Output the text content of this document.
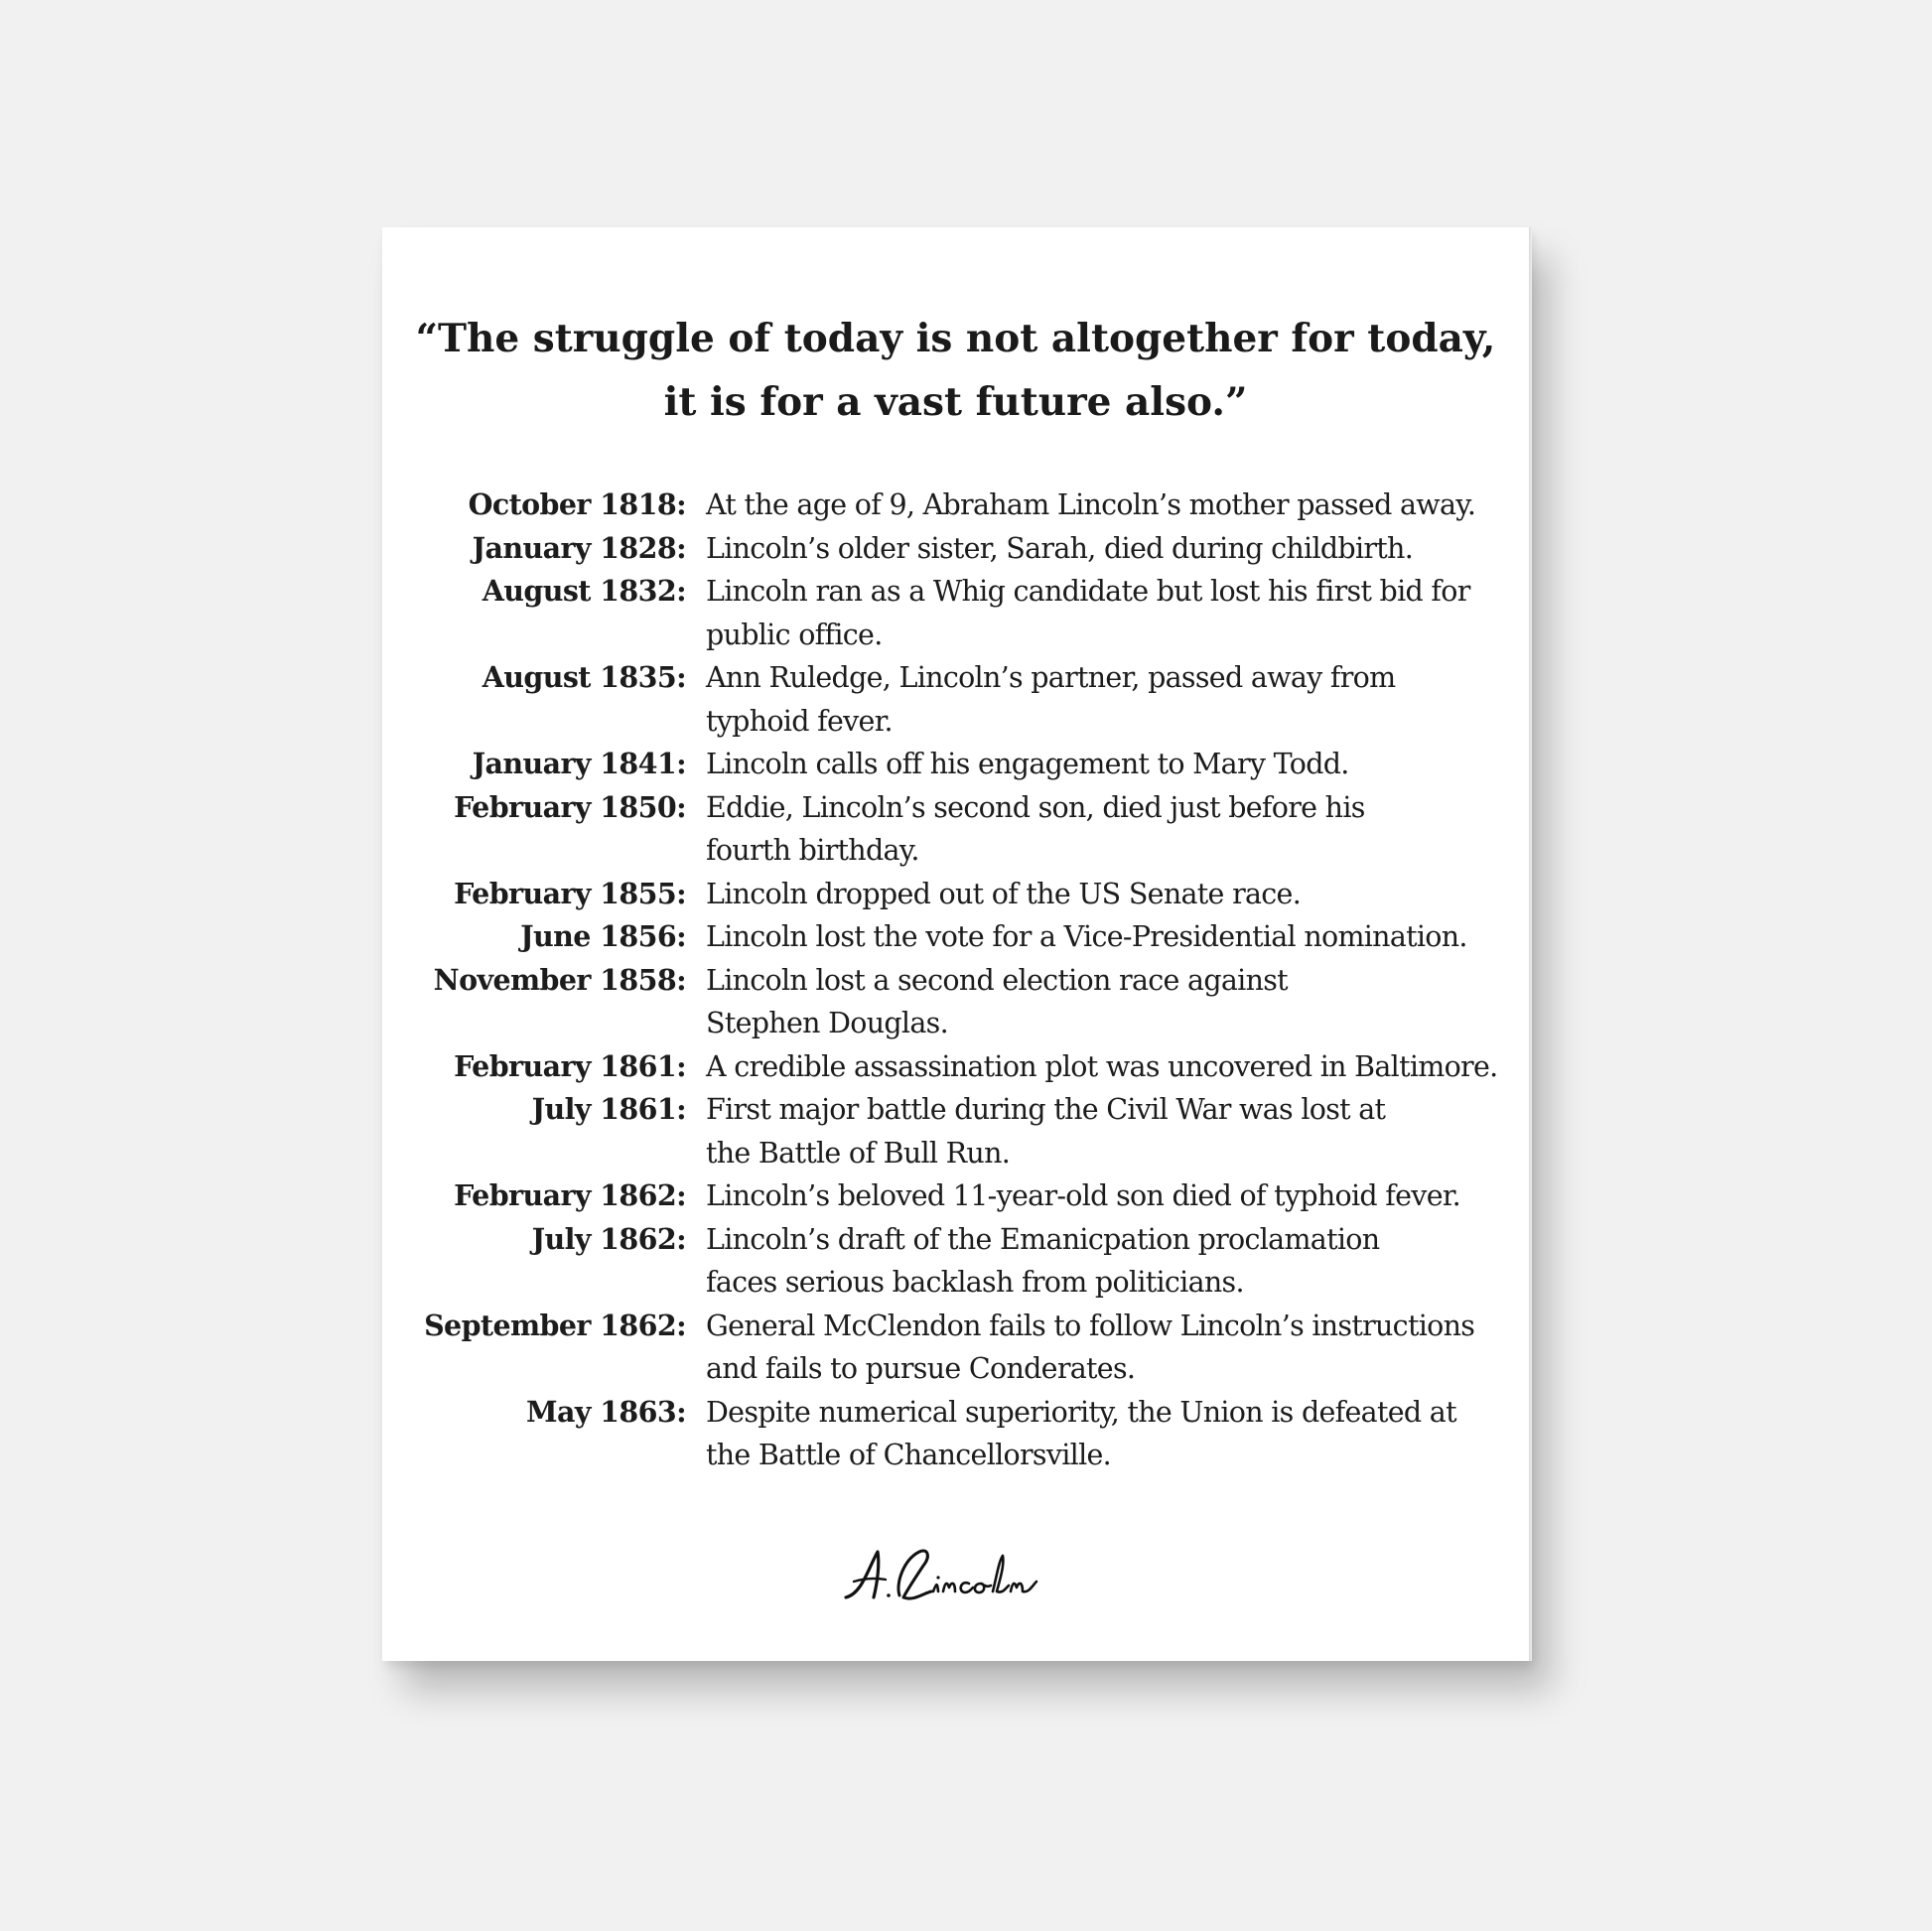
“The struggle of today is not altogether for today,
it is for a vast future also.”
October 1818: At the age of 9, Abraham Lincoln’s mother passed away.
January 1828: Lincoln’s older sister, Sarah, died during childbirth.
August 1832: Lincoln ran as a Whig candidate but lost his first bid for
public office.
August 1835: Ann Ruledge, Lincoln’s partner, passed away from
typhoid fever.
January 1841: Lincoln calls off his engagement to Mary Todd.
February 1850: Eddie, Lincoln’s second son, died just before his
fourth birthday.
February 1855: Lincoln dropped out of the US Senate race.
June 1856: Lincoln lost the vote for a Vice-Presidential nomination.
November 1858: Lincoln lost a second election race against
Stephen Douglas.
February 1861: A credible assassination plot was uncovered in Baltimore.
July 1861: First major battle during the Civil War was lost at
the Battle of Bull Run.
February 1862: Lincoln’s beloved 11-year-old son died of typhoid fever.
July 1862: Lincoln’s draft of the Emanicpation proclamation
faces serious backlash from politicians.
September 1862: General McClendon fails to follow Lincoln’s instructions
and fails to pursue Conderates.
May 1863: Despite numerical superiority, the Union is defeated at
the Battle of Chancellorsville.
